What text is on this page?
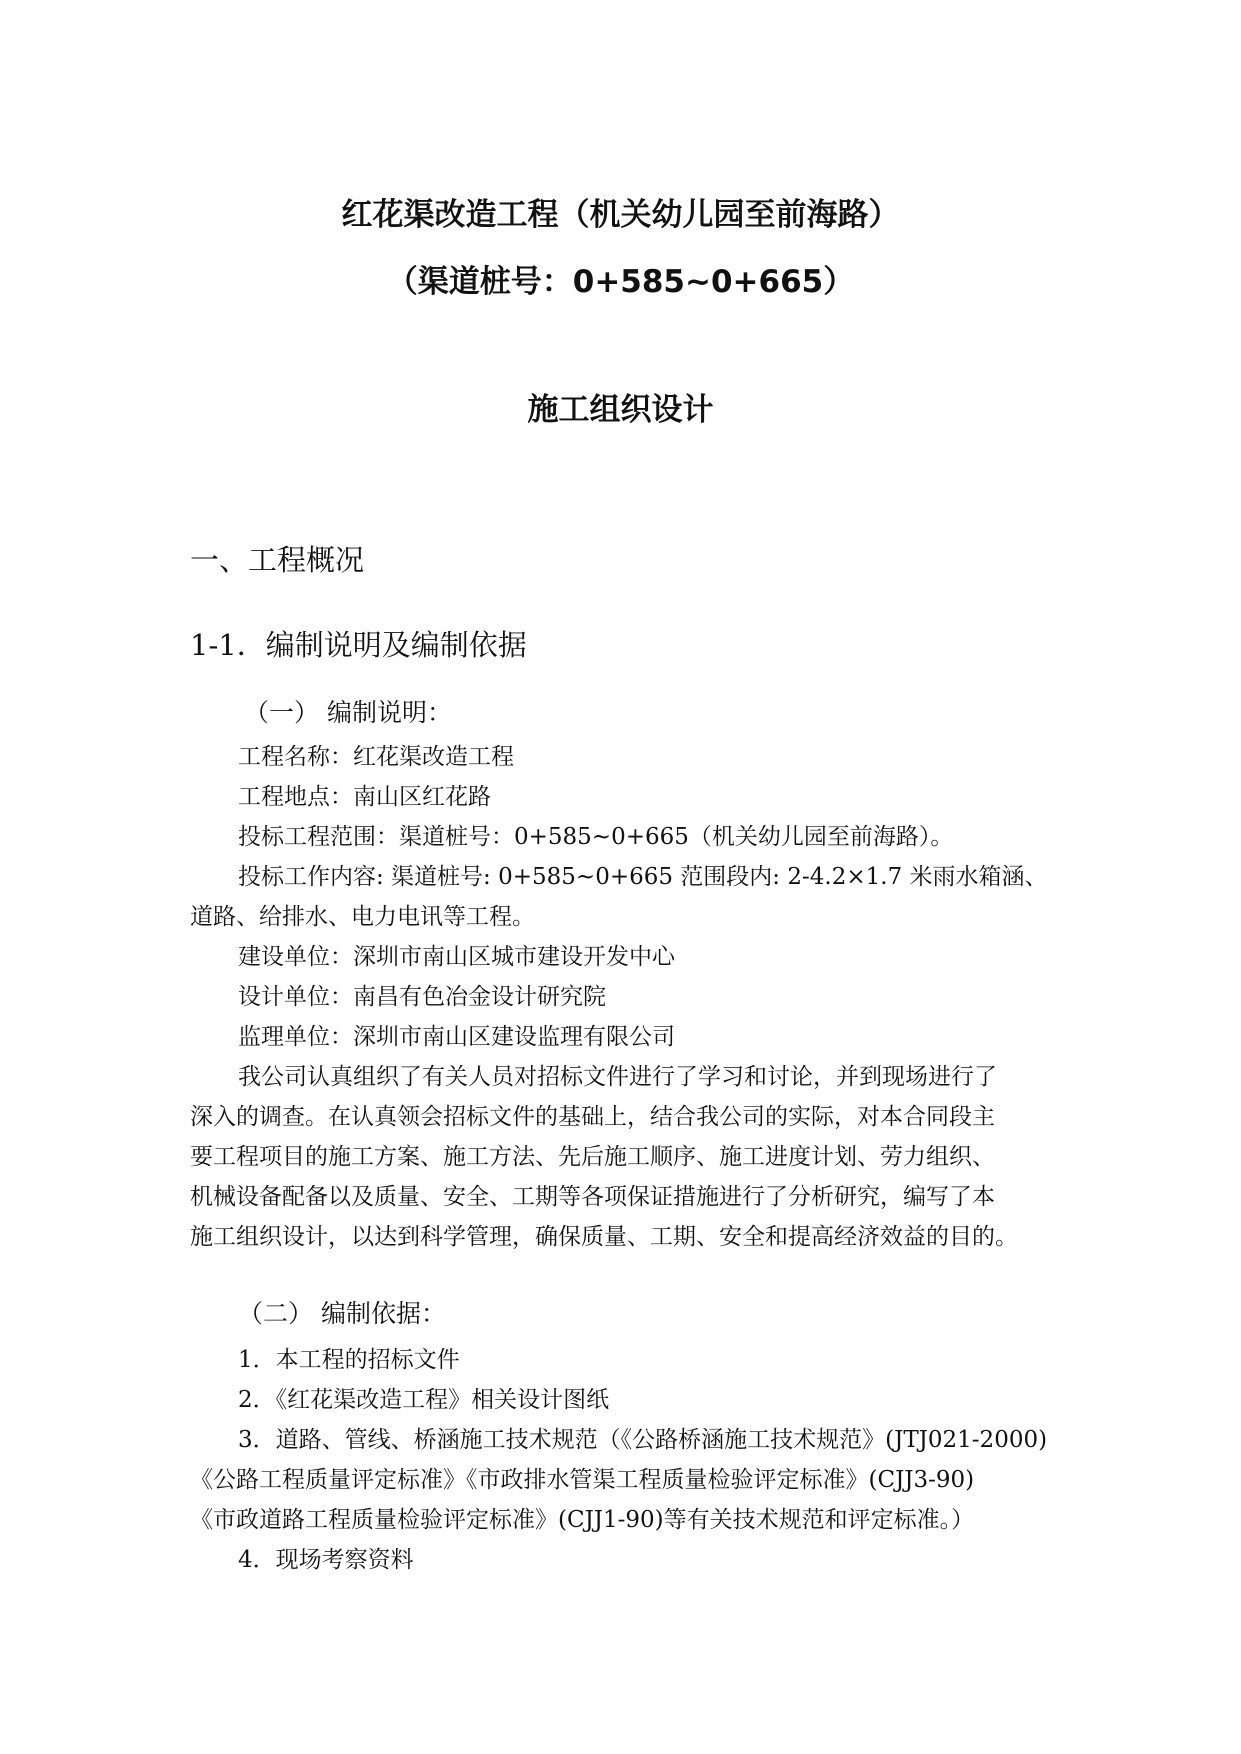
红花渠改造工程（机关幼儿园至前海路）
（渠道桩号：0+585~0+665）
施工组织设计
一、工程概况
1-1．编制说明及编制依据
（一） 编制说明：
工程名称：红花渠改造工程
工程地点：南山区红花路
投标工程范围：渠道桩号：0+585~0+665（机关幼儿园至前海路）。
投标工作内容: 渠道桩号: 0+585~0+665 范围段内: 2-4.2×1.7 米雨水箱涵、
道路、给排水、电力电讯等工程。
建设单位：深圳市南山区城市建设开发中心
设计单位：南昌有色冶金设计研究院
监理单位：深圳市南山区建设监理有限公司
我公司认真组织了有关人员对招标文件进行了学习和讨论，并到现场进行了
深入的调查。在认真领会招标文件的基础上，结合我公司的实际，对本合同段主
要工程项目的施工方案、施工方法、先后施工顺序、施工进度计划、劳力组织、
机械设备配备以及质量、安全、工期等各项保证措施进行了分析研究，编写了本
施工组织设计，以达到科学管理，确保质量、工期、安全和提高经济效益的目的。
（二） 编制依据：
1．本工程的招标文件
2．《红花渠改造工程》相关设计图纸
3．道路、管线、桥涵施工技术规范（《公路桥涵施工技术规范》(JTJ021-2000)
《公路工程质量评定标准》《市政排水管渠工程质量检验评定标准》(CJJ3-90)
《市政道路工程质量检验评定标准》(CJJ1-90)等有关技术规范和评定标准。）
4．现场考察资料
